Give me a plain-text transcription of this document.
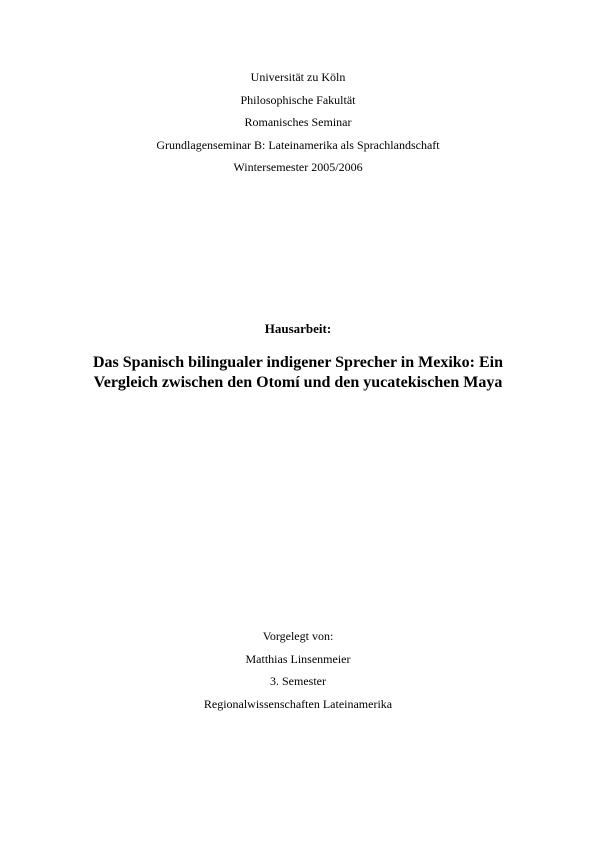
Universität zu Köln
Philosophische Fakultät
Romanisches Seminar
Grundlagenseminar B: Lateinamerika als Sprachlandschaft
Wintersemester 2005/2006
Hausarbeit:
Das Spanisch bilingualer indigener Sprecher in Mexiko: Ein
Vergleich zwischen den Otomí und den yucatekischen Maya
Vorgelegt von:
Matthias Linsenmeier
3. Semester
Regionalwissenschaften Lateinamerika
